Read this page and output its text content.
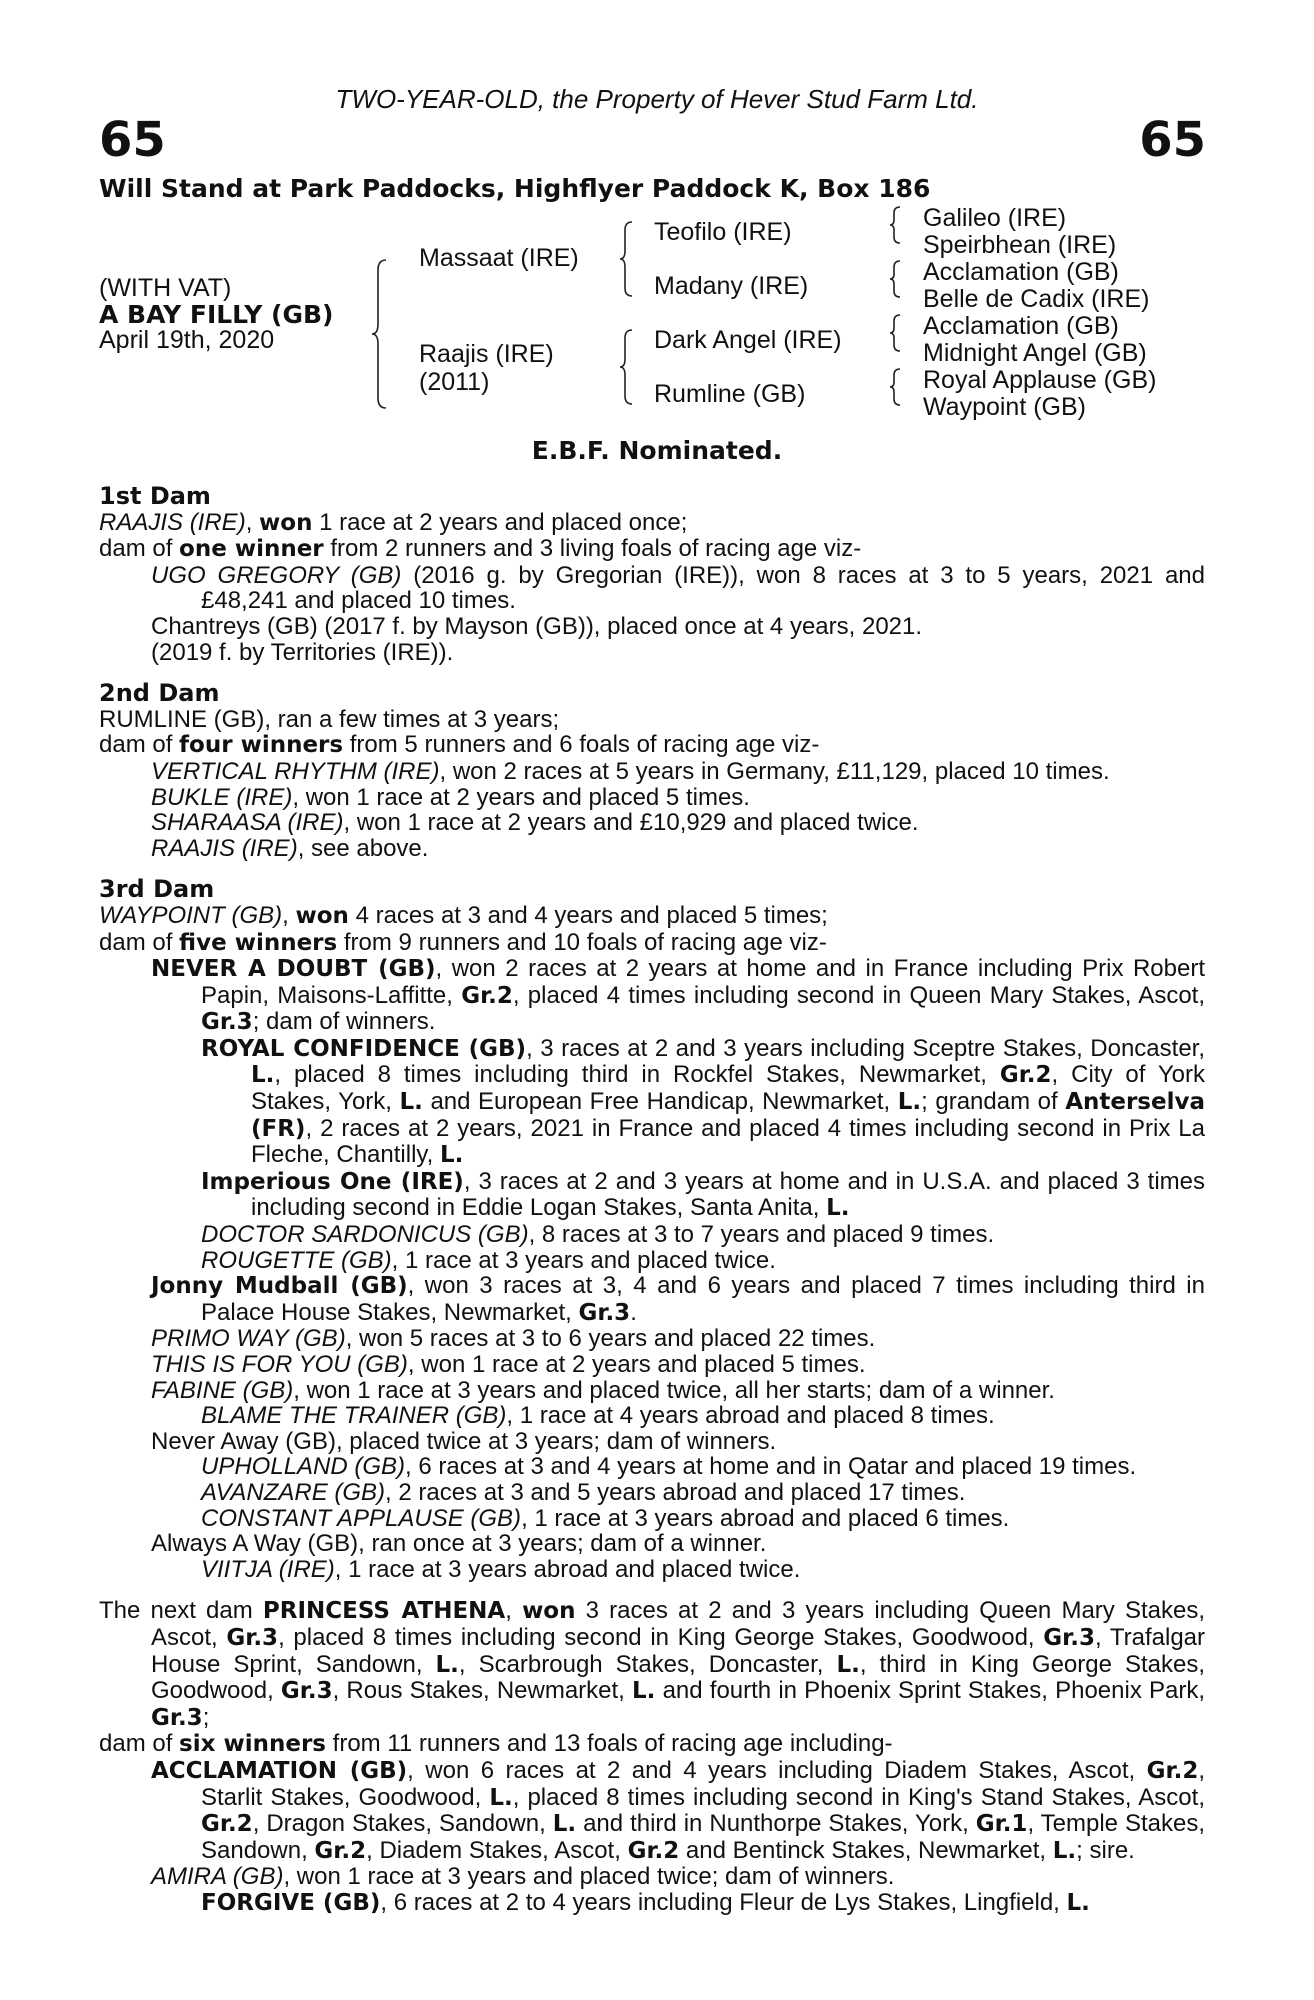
TWO-YEAR-OLD, the Property of Hever Stud Farm Ltd.
65	65
Will Stand at Park Paddocks, Highflyer Paddock K, Box 186
(WITH VAT)
A BAY FILLY (GB)
April 19th, 2020
Massaat (IRE)
Raajis (IRE)
(2011)
Teofilo (IRE)
Madany (IRE)
Dark Angel (IRE)
Rumline (GB)
Galileo (IRE)
Speirbhean (IRE)
Acclamation (GB)
Belle de Cadix (IRE)
Acclamation (GB)
Midnight Angel (GB)
Royal Applause (GB)
Waypoint (GB)
E.B.F. Nominated.

1st Dam

RAAJIS (IRE), won 1 race at 2 years and placed once;

dam of one winner from 2 runners and 3 living foals of racing age viz-

UGO GREGORY (GB) (2016 g. by Gregorian (IRE)), won 8 races at 3 to 5 years, 2021 and £48,241 and placed 10 times.

Chantreys (GB) (2017 f. by Mayson (GB)), placed once at 4 years, 2021.

(2019 f. by Territories (IRE)).

2nd Dam

RUMLINE (GB), ran a few times at 3 years;

dam of four winners from 5 runners and 6 foals of racing age viz-

VERTICAL RHYTHM (IRE), won 2 races at 5 years in Germany, £11,129, placed 10 times.

BUKLE (IRE), won 1 race at 2 years and placed 5 times.

SHARAASA (IRE), won 1 race at 2 years and £10,929 and placed twice.

RAAJIS (IRE), see above.

3rd Dam

WAYPOINT (GB), won 4 races at 3 and 4 years and placed 5 times;

dam of five winners from 9 runners and 10 foals of racing age viz-

NEVER A DOUBT (GB), won 2 races at 2 years at home and in France including Prix Robert Papin, Maisons-Laffitte, Gr.2, placed 4 times including second in Queen Mary Stakes, Ascot, Gr.3; dam of winners.

ROYAL CONFIDENCE (GB), 3 races at 2 and 3 years including Sceptre Stakes, Doncaster, L., placed 8 times including third in Rockfel Stakes, Newmarket, Gr.2, City of York Stakes, York, L. and European Free Handicap, Newmarket, L.; grandam of Anterselva (FR), 2 races at 2 years, 2021 in France and placed 4 times including second in Prix La Fleche, Chantilly, L.

Imperious One (IRE), 3 races at 2 and 3 years at home and in U.S.A. and placed 3 times including second in Eddie Logan Stakes, Santa Anita, L.

DOCTOR SARDONICUS (GB), 8 races at 3 to 7 years and placed 9 times.

ROUGETTE (GB), 1 race at 3 years and placed twice.

Jonny Mudball (GB), won 3 races at 3, 4 and 6 years and placed 7 times including third in Palace House Stakes, Newmarket, Gr.3.

PRIMO WAY (GB), won 5 races at 3 to 6 years and placed 22 times.

THIS IS FOR YOU (GB), won 1 race at 2 years and placed 5 times.

FABINE (GB), won 1 race at 3 years and placed twice, all her starts; dam of a winner.

BLAME THE TRAINER (GB), 1 race at 4 years abroad and placed 8 times.

Never Away (GB), placed twice at 3 years; dam of winners.

UPHOLLAND (GB), 6 races at 3 and 4 years at home and in Qatar and placed 19 times.

AVANZARE (GB), 2 races at 3 and 5 years abroad and placed 17 times.

CONSTANT APPLAUSE (GB), 1 race at 3 years abroad and placed 6 times.

Always A Way (GB), ran once at 3 years; dam of a winner.

VIITJA (IRE), 1 race at 3 years abroad and placed twice.

The next dam PRINCESS ATHENA, won 3 races at 2 and 3 years including Queen Mary Stakes, Ascot, Gr.3, placed 8 times including second in King George Stakes, Goodwood, Gr.3, Trafalgar House Sprint, Sandown, L., Scarbrough Stakes, Doncaster, L., third in King George Stakes, Goodwood, Gr.3, Rous Stakes, Newmarket, L. and fourth in Phoenix Sprint Stakes, Phoenix Park, Gr.3;

dam of six winners from 11 runners and 13 foals of racing age including-

ACCLAMATION (GB), won 6 races at 2 and 4 years including Diadem Stakes, Ascot, Gr.2, Starlit Stakes, Goodwood, L., placed 8 times including second in King's Stand Stakes, Ascot, Gr.2, Dragon Stakes, Sandown, L. and third in Nunthorpe Stakes, York, Gr.1, Temple Stakes, Sandown, Gr.2, Diadem Stakes, Ascot, Gr.2 and Bentinck Stakes, Newmarket, L.; sire.

AMIRA (GB), won 1 race at 3 years and placed twice; dam of winners.

FORGIVE (GB), 6 races at 2 to 4 years including Fleur de Lys Stakes, Lingfield, L.
